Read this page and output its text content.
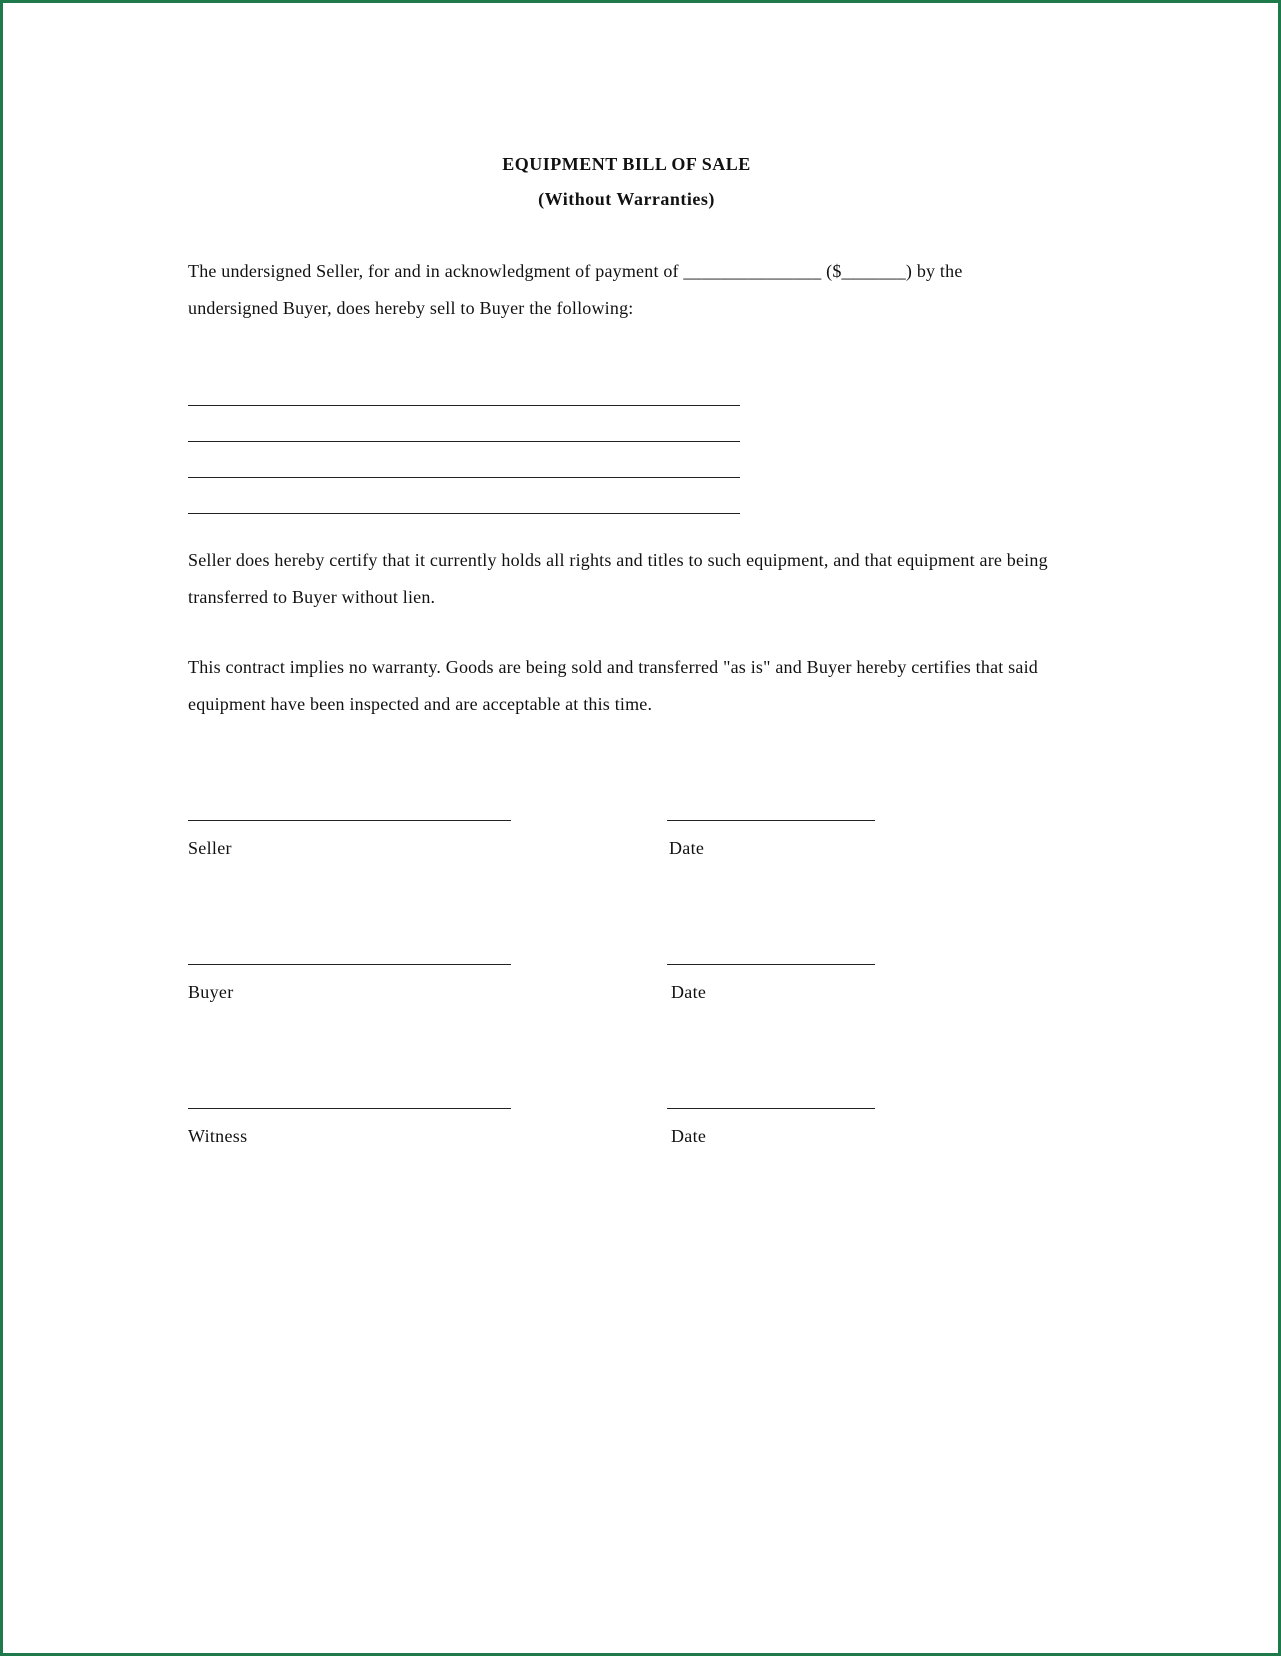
EQUIPMENT BILL OF SALE
(Without Warranties)

The undersigned Seller, for and in acknowledgment of payment of _______________ ($_______) by the undersigned Buyer, does hereby sell to Buyer the following:

Seller does hereby certify that it currently holds all rights and titles to such equipment, and that equipment are being transferred to Buyer without lien.

This contract implies no warranty. Goods are being sold and transferred "as is" and Buyer hereby certifies that said equipment have been inspected and are acceptable at this time.

Seller	Date
Buyer	Date
Witness	Date
